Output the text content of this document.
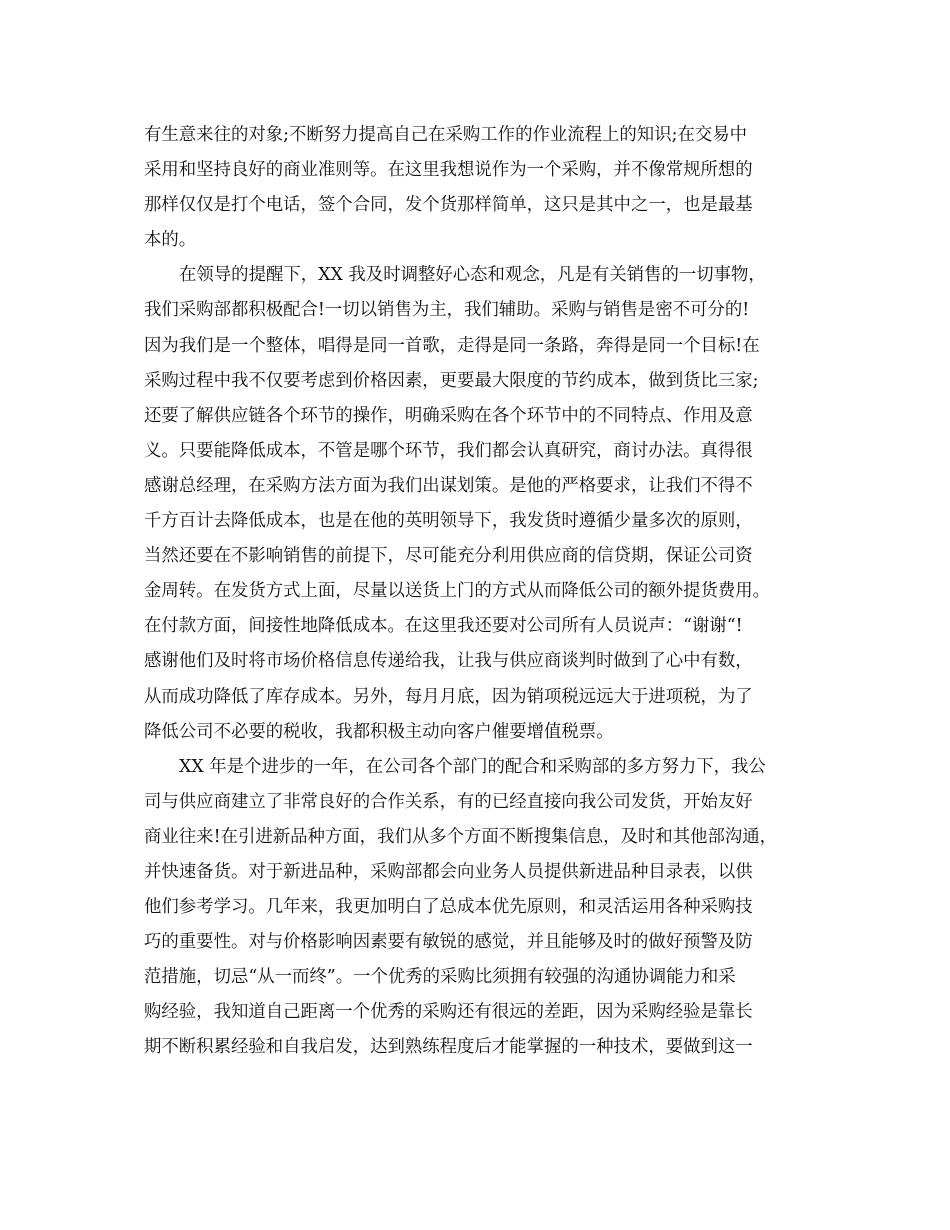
有生意来往的对象;不断努力提高自己在采购工作的作业流程上的知识;在交易中
采用和坚持良好的商业准则等。在这里我想说作为一个采购，并不像常规所想的
那样仅仅是打个电话，签个合同，发个货那样简单，这只是其中之一，也是最基
本的。
在领导的提醒下，XX 我及时调整好心态和观念，凡是有关销售的一切事物，
我们采购部都积极配合!一切以销售为主，我们辅助。采购与销售是密不可分的!
因为我们是一个整体，唱得是同一首歌，走得是同一条路，奔得是同一个目标!在
采购过程中我不仅要考虑到价格因素，更要最大限度的节约成本，做到货比三家;
还要了解供应链各个环节的操作，明确采购在各个环节中的不同特点、作用及意
义。只要能降低成本，不管是哪个环节，我们都会认真研究，商讨办法。真得很
感谢总经理，在采购方法方面为我们出谋划策。是他的严格要求，让我们不得不
千方百计去降低成本，也是在他的英明领导下，我发货时遵循少量多次的原则，
当然还要在不影响销售的前提下，尽可能充分利用供应商的信贷期，保证公司资
金周转。在发货方式上面，尽量以送货上门的方式从而降低公司的额外提货费用。
在付款方面，间接性地降低成本。在这里我还要对公司所有人员说声：“谢谢“!
感谢他们及时将市场价格信息传递给我，让我与供应商谈判时做到了心中有数，
从而成功降低了库存成本。另外，每月月底，因为销项税远远大于进项税，为了
降低公司不必要的税收，我都积极主动向客户催要增值税票。
XX 年是个进步的一年，在公司各个部门的配合和采购部的多方努力下，我公
司与供应商建立了非常良好的合作关系，有的已经直接向我公司发货，开始友好
商业往来!在引进新品种方面，我们从多个方面不断搜集信息，及时和其他部沟通，
并快速备货。对于新进品种，采购部都会向业务人员提供新进品种目录表，以供
他们参考学习。几年来，我更加明白了总成本优先原则，和灵活运用各种采购技
巧的重要性。对与价格影响因素要有敏锐的感觉，并且能够及时的做好预警及防
范措施，切忌“从一而终”。一个优秀的采购比须拥有较强的沟通协调能力和采
购经验，我知道自己距离一个优秀的采购还有很远的差距，因为采购经验是靠长
期不断积累经验和自我启发，达到熟练程度后才能掌握的一种技术，要做到这一
